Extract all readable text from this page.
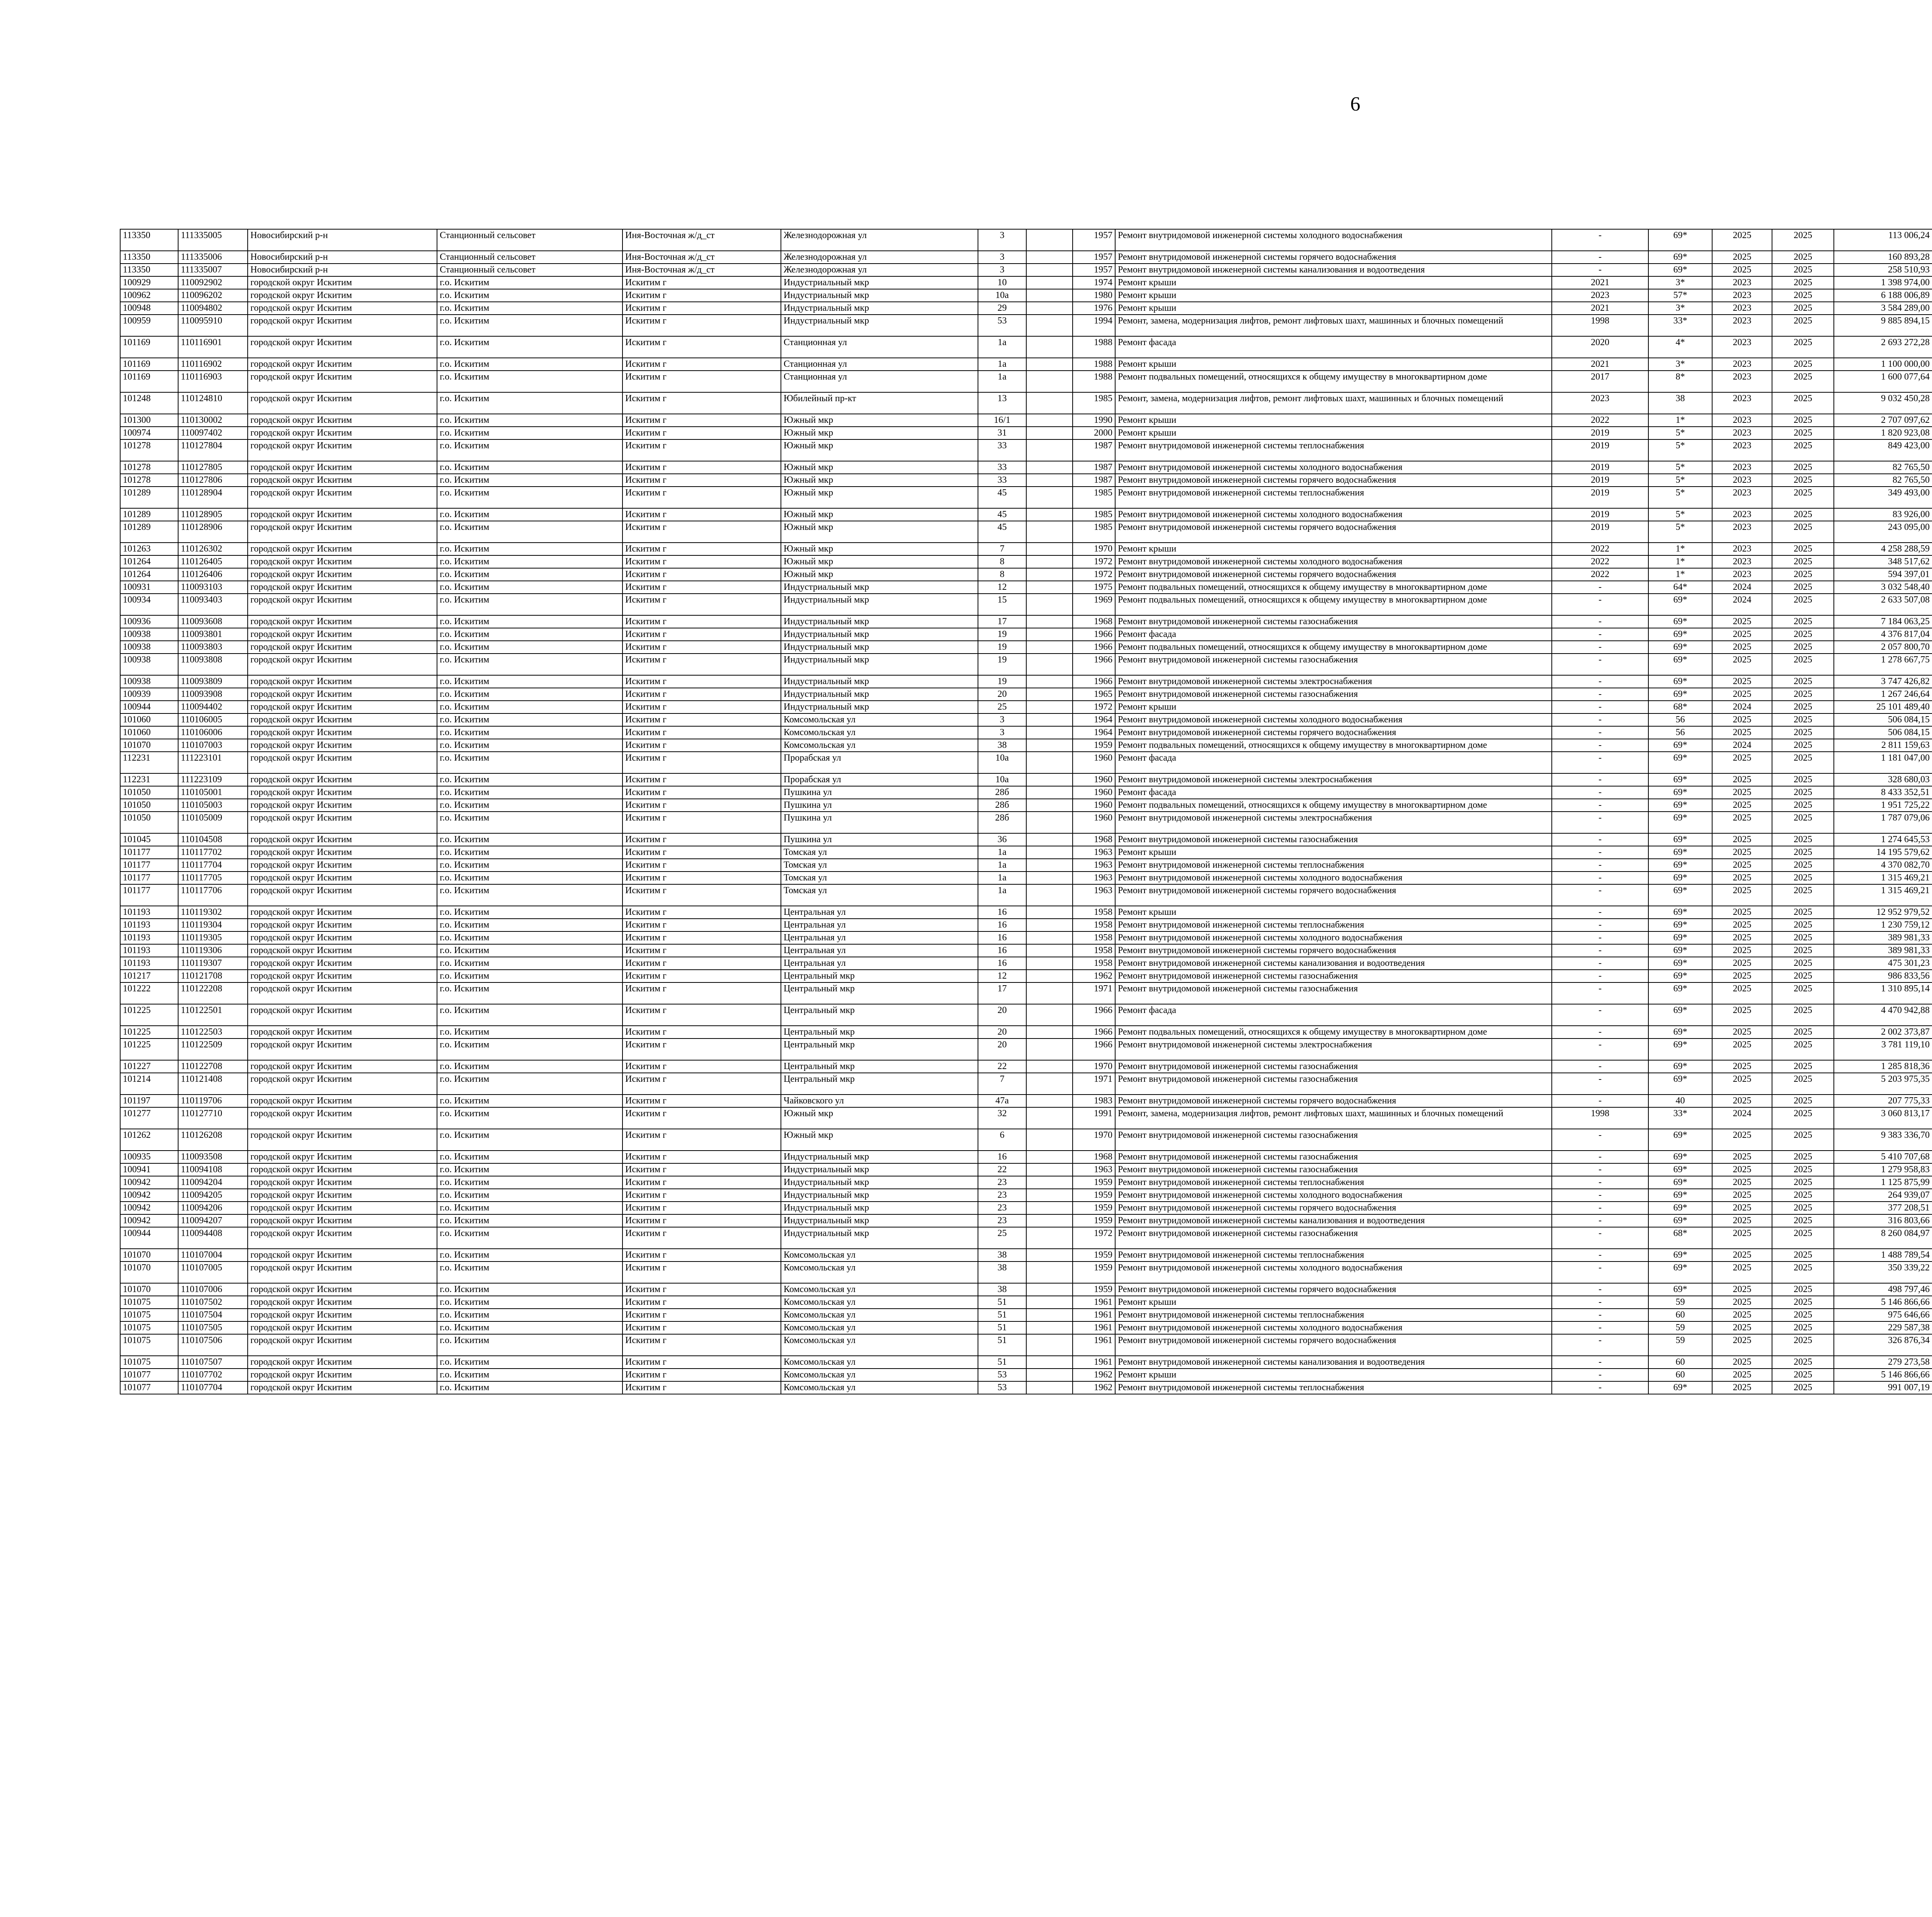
6
113350	111335005	Новосибирский р-н	Станционный сельсовет	Иня-Восточная ж/д_ст	Железнодорожная ул	3		1957	Ремонт внутридомовой инженерной системы холодного водоснабжения	-	69*	2025	2025	113 006,24						
113350	111335006	Новосибирский р-н	Станционный сельсовет	Иня-Восточная ж/д_ст	Железнодорожная ул	3		1957	Ремонт внутридомовой инженерной системы горячего водоснабжения	-	69*	2025	2025	160 893,28						
113350	111335007	Новосибирский р-н	Станционный сельсовет	Иня-Восточная ж/д_ст	Железнодорожная ул	3		1957	Ремонт внутридомовой инженерной системы канализования и водоотведения	-	69*	2025	2025	258 510,93						
100929	110092902	городской округ Искитим	г.о. Искитим	Искитим г	Индустриальный мкр	10		1974	Ремонт крыши	2021	3*	2023	2025	1 398 974,00						
100962	110096202	городской округ Искитим	г.о. Искитим	Искитим г	Индустриальный мкр	10а		1980	Ремонт крыши	2023	57*	2023	2025	6 188 006,89						
100948	110094802	городской округ Искитим	г.о. Искитим	Искитим г	Индустриальный мкр	29		1976	Ремонт крыши	2021	3*	2023	2025	3 584 289,00						
100959	110095910	городской округ Искитим	г.о. Искитим	Искитим г	Индустриальный мкр	53		1994	Ремонт, замена, модернизация лифтов, ремонт лифтовых шахт, машинных и блочных помещений	1998	33*	2023	2025	9 885 894,15						
101169	110116901	городской округ Искитим	г.о. Искитим	Искитим г	Станционная ул	1а		1988	Ремонт фасада	2020	4*	2023	2025	2 693 272,28						
101169	110116902	городской округ Искитим	г.о. Искитим	Искитим г	Станционная ул	1а		1988	Ремонт крыши	2021	3*	2023	2025	1 100 000,00						
101169	110116903	городской округ Искитим	г.о. Искитим	Искитим г	Станционная ул	1а		1988	Ремонт подвальных помещений, относящихся к общему имуществу в многоквартирном доме	2017	8*	2023	2025	1 600 077,64						
101248	110124810	городской округ Искитим	г.о. Искитим	Искитим г	Юбилейный пр-кт	13		1985	Ремонт, замена, модернизация лифтов, ремонт лифтовых шахт, машинных и блочных помещений	2023	38	2023	2025	9 032 450,28						
101300	110130002	городской округ Искитим	г.о. Искитим	Искитим г	Южный мкр	16/1		1990	Ремонт крыши	2022	1*	2023	2025	2 707 097,62						
100974	110097402	городской округ Искитим	г.о. Искитим	Искитим г	Южный мкр	31		2000	Ремонт крыши	2019	5*	2023	2025	1 820 923,08						
101278	110127804	городской округ Искитим	г.о. Искитим	Искитим г	Южный мкр	33		1987	Ремонт внутридомовой инженерной системы теплоснабжения	2019	5*	2023	2025	849 423,00						
101278	110127805	городской округ Искитим	г.о. Искитим	Искитим г	Южный мкр	33		1987	Ремонт внутридомовой инженерной системы холодного водоснабжения	2019	5*	2023	2025	82 765,50						
101278	110127806	городской округ Искитим	г.о. Искитим	Искитим г	Южный мкр	33		1987	Ремонт внутридомовой инженерной системы горячего водоснабжения	2019	5*	2023	2025	82 765,50						
101289	110128904	городской округ Искитим	г.о. Искитим	Искитим г	Южный мкр	45		1985	Ремонт внутридомовой инженерной системы теплоснабжения	2019	5*	2023	2025	349 493,00						
101289	110128905	городской округ Искитим	г.о. Искитим	Искитим г	Южный мкр	45		1985	Ремонт внутридомовой инженерной системы холодного водоснабжения	2019	5*	2023	2025	83 926,00						
101289	110128906	городской округ Искитим	г.о. Искитим	Искитим г	Южный мкр	45		1985	Ремонт внутридомовой инженерной системы горячего водоснабжения	2019	5*	2023	2025	243 095,00						
101263	110126302	городской округ Искитим	г.о. Искитим	Искитим г	Южный мкр	7		1970	Ремонт крыши	2022	1*	2023	2025	4 258 288,59						
101264	110126405	городской округ Искитим	г.о. Искитим	Искитим г	Южный мкр	8		1972	Ремонт внутридомовой инженерной системы холодного водоснабжения	2022	1*	2023	2025	348 517,62						
101264	110126406	городской округ Искитим	г.о. Искитим	Искитим г	Южный мкр	8		1972	Ремонт внутридомовой инженерной системы горячего водоснабжения	2022	1*	2023	2025	594 397,01						
100931	110093103	городской округ Искитим	г.о. Искитим	Искитим г	Индустриальный мкр	12		1975	Ремонт подвальных помещений, относящихся к общему имуществу в многоквартирном доме	-	64*	2024	2025	3 032 548,40						
100934	110093403	городской округ Искитим	г.о. Искитим	Искитим г	Индустриальный мкр	15		1969	Ремонт подвальных помещений, относящихся к общему имуществу в многоквартирном доме	-	69*	2024	2025	2 633 507,08						
100936	110093608	городской округ Искитим	г.о. Искитим	Искитим г	Индустриальный мкр	17		1968	Ремонт внутридомовой инженерной системы газоснабжения	-	69*	2025	2025	7 184 063,25						
100938	110093801	городской округ Искитим	г.о. Искитим	Искитим г	Индустриальный мкр	19		1966	Ремонт фасада	-	69*	2025	2025	4 376 817,04						
100938	110093803	городской округ Искитим	г.о. Искитим	Искитим г	Индустриальный мкр	19		1966	Ремонт подвальных помещений, относящихся к общему имуществу в многоквартирном доме	-	69*	2025	2025	2 057 800,70						
100938	110093808	городской округ Искитим	г.о. Искитим	Искитим г	Индустриальный мкр	19		1966	Ремонт внутридомовой инженерной системы газоснабжения	-	69*	2025	2025	1 278 667,75						
100938	110093809	городской округ Искитим	г.о. Искитим	Искитим г	Индустриальный мкр	19		1966	Ремонт внутридомовой инженерной системы электроснабжения	-	69*	2025	2025	3 747 426,82						
100939	110093908	городской округ Искитим	г.о. Искитим	Искитим г	Индустриальный мкр	20		1965	Ремонт внутридомовой инженерной системы газоснабжения	-	69*	2025	2025	1 267 246,64						
100944	110094402	городской округ Искитим	г.о. Искитим	Искитим г	Индустриальный мкр	25		1972	Ремонт крыши	-	68*	2024	2025	25 101 489,40						
101060	110106005	городской округ Искитим	г.о. Искитим	Искитим г	Комсомольская ул	3		1964	Ремонт внутридомовой инженерной системы холодного водоснабжения	-	56	2025	2025	506 084,15						
101060	110106006	городской округ Искитим	г.о. Искитим	Искитим г	Комсомольская ул	3		1964	Ремонт внутридомовой инженерной системы горячего водоснабжения	-	56	2025	2025	506 084,15						
101070	110107003	городской округ Искитим	г.о. Искитим	Искитим г	Комсомольская ул	38		1959	Ремонт подвальных помещений, относящихся к общему имуществу в многоквартирном доме	-	69*	2024	2025	2 811 159,63						
112231	111223101	городской округ Искитим	г.о. Искитим	Искитим г	Прорабская ул	10а		1960	Ремонт фасада	-	69*	2025	2025	1 181 047,00						
112231	111223109	городской округ Искитим	г.о. Искитим	Искитим г	Прорабская ул	10а		1960	Ремонт внутридомовой инженерной системы электроснабжения	-	69*	2025	2025	328 680,03						
101050	110105001	городской округ Искитим	г.о. Искитим	Искитим г	Пушкина ул	28б		1960	Ремонт фасада	-	69*	2025	2025	8 433 352,51						
101050	110105003	городской округ Искитим	г.о. Искитим	Искитим г	Пушкина ул	28б		1960	Ремонт подвальных помещений, относящихся к общему имуществу в многоквартирном доме	-	69*	2025	2025	1 951 725,22						
101050	110105009	городской округ Искитим	г.о. Искитим	Искитим г	Пушкина ул	28б		1960	Ремонт внутридомовой инженерной системы электроснабжения	-	69*	2025	2025	1 787 079,06						
101045	110104508	городской округ Искитим	г.о. Искитим	Искитим г	Пушкина ул	36		1968	Ремонт внутридомовой инженерной системы газоснабжения	-	69*	2025	2025	1 274 645,53						
101177	110117702	городской округ Искитим	г.о. Искитим	Искитим г	Томская ул	1а		1963	Ремонт крыши	-	69*	2025	2025	14 195 579,62						
101177	110117704	городской округ Искитим	г.о. Искитим	Искитим г	Томская ул	1а		1963	Ремонт внутридомовой инженерной системы теплоснабжения	-	69*	2025	2025	4 370 082,70						
101177	110117705	городской округ Искитим	г.о. Искитим	Искитим г	Томская ул	1а		1963	Ремонт внутридомовой инженерной системы холодного водоснабжения	-	69*	2025	2025	1 315 469,21						
101177	110117706	городской округ Искитим	г.о. Искитим	Искитим г	Томская ул	1а		1963	Ремонт внутридомовой инженерной системы горячего водоснабжения	-	69*	2025	2025	1 315 469,21						
101193	110119302	городской округ Искитим	г.о. Искитим	Искитим г	Центральная ул	16		1958	Ремонт крыши	-	69*	2025	2025	12 952 979,52						
101193	110119304	городской округ Искитим	г.о. Искитим	Искитим г	Центральная ул	16		1958	Ремонт внутридомовой инженерной системы теплоснабжения	-	69*	2025	2025	1 230 759,12						
101193	110119305	городской округ Искитим	г.о. Искитим	Искитим г	Центральная ул	16		1958	Ремонт внутридомовой инженерной системы холодного водоснабжения	-	69*	2025	2025	389 981,33						
101193	110119306	городской округ Искитим	г.о. Искитим	Искитим г	Центральная ул	16		1958	Ремонт внутридомовой инженерной системы горячего водоснабжения	-	69*	2025	2025	389 981,33						
101193	110119307	городской округ Искитим	г.о. Искитим	Искитим г	Центральная ул	16		1958	Ремонт внутридомовой инженерной системы канализования и водоотведения	-	69*	2025	2025	475 301,23						
101217	110121708	городской округ Искитим	г.о. Искитим	Искитим г	Центральный мкр	12		1962	Ремонт внутридомовой инженерной системы газоснабжения	-	69*	2025	2025	986 833,56						
101222	110122208	городской округ Искитим	г.о. Искитим	Искитим г	Центральный мкр	17		1971	Ремонт внутридомовой инженерной системы газоснабжения	-	69*	2025	2025	1 310 895,14						
101225	110122501	городской округ Искитим	г.о. Искитим	Искитим г	Центральный мкр	20		1966	Ремонт фасада	-	69*	2025	2025	4 470 942,88						
101225	110122503	городской округ Искитим	г.о. Искитим	Искитим г	Центральный мкр	20		1966	Ремонт подвальных помещений, относящихся к общему имуществу в многоквартирном доме	-	69*	2025	2025	2 002 373,87						
101225	110122509	городской округ Искитим	г.о. Искитим	Искитим г	Центральный мкр	20		1966	Ремонт внутридомовой инженерной системы электроснабжения	-	69*	2025	2025	3 781 119,10						
101227	110122708	городской округ Искитим	г.о. Искитим	Искитим г	Центральный мкр	22		1970	Ремонт внутридомовой инженерной системы газоснабжения	-	69*	2025	2025	1 285 818,36						
101214	110121408	городской округ Искитим	г.о. Искитим	Искитим г	Центральный мкр	7		1971	Ремонт внутридомовой инженерной системы газоснабжения	-	69*	2025	2025	5 203 975,35						
101197	110119706	городской округ Искитим	г.о. Искитим	Искитим г	Чайковского ул	47а		1983	Ремонт внутридомовой инженерной системы горячего водоснабжения	-	40	2025	2025	207 775,33						
101277	110127710	городской округ Искитим	г.о. Искитим	Искитим г	Южный мкр	32		1991	Ремонт, замена, модернизация лифтов, ремонт лифтовых шахт, машинных и блочных помещений	1998	33*	2024	2025	3 060 813,17						
101262	110126208	городской округ Искитим	г.о. Искитим	Искитим г	Южный мкр	6		1970	Ремонт внутридомовой инженерной системы газоснабжения	-	69*	2025	2025	9 383 336,70						
100935	110093508	городской округ Искитим	г.о. Искитим	Искитим г	Индустриальный мкр	16		1968	Ремонт внутридомовой инженерной системы газоснабжения	-	69*	2025	2025	5 410 707,68						
100941	110094108	городской округ Искитим	г.о. Искитим	Искитим г	Индустриальный мкр	22		1963	Ремонт внутридомовой инженерной системы газоснабжения	-	69*	2025	2025	1 279 958,83						
100942	110094204	городской округ Искитим	г.о. Искитим	Искитим г	Индустриальный мкр	23		1959	Ремонт внутридомовой инженерной системы теплоснабжения	-	69*	2025	2025	1 125 875,99						
100942	110094205	городской округ Искитим	г.о. Искитим	Искитим г	Индустриальный мкр	23		1959	Ремонт внутридомовой инженерной системы холодного водоснабжения	-	69*	2025	2025	264 939,07						
100942	110094206	городской округ Искитим	г.о. Искитим	Искитим г	Индустриальный мкр	23		1959	Ремонт внутридомовой инженерной системы горячего водоснабжения	-	69*	2025	2025	377 208,51						
100942	110094207	городской округ Искитим	г.о. Искитим	Искитим г	Индустриальный мкр	23		1959	Ремонт внутридомовой инженерной системы канализования и водоотведения	-	69*	2025	2025	316 803,66						
100944	110094408	городской округ Искитим	г.о. Искитим	Искитим г	Индустриальный мкр	25		1972	Ремонт внутридомовой инженерной системы газоснабжения	-	68*	2025	2025	8 260 084,97						
101070	110107004	городской округ Искитим	г.о. Искитим	Искитим г	Комсомольская ул	38		1959	Ремонт внутридомовой инженерной системы теплоснабжения	-	69*	2025	2025	1 488 789,54						
101070	110107005	городской округ Искитим	г.о. Искитим	Искитим г	Комсомольская ул	38		1959	Ремонт внутридомовой инженерной системы холодного водоснабжения	-	69*	2025	2025	350 339,22						
101070	110107006	городской округ Искитим	г.о. Искитим	Искитим г	Комсомольская ул	38		1959	Ремонт внутридомовой инженерной системы горячего водоснабжения	-	69*	2025	2025	498 797,46						
101075	110107502	городской округ Искитим	г.о. Искитим	Искитим г	Комсомольская ул	51		1961	Ремонт крыши	-	59	2025	2025	5 146 866,66						
101075	110107504	городской округ Искитим	г.о. Искитим	Искитим г	Комсомольская ул	51		1961	Ремонт внутридомовой инженерной системы теплоснабжения	-	60	2025	2025	975 646,66						
101075	110107505	городской округ Искитим	г.о. Искитим	Искитим г	Комсомольская ул	51		1961	Ремонт внутридомовой инженерной системы холодного водоснабжения	-	59	2025	2025	229 587,38						
101075	110107506	городской округ Искитим	г.о. Искитим	Искитим г	Комсомольская ул	51		1961	Ремонт внутридомовой инженерной системы горячего водоснабжения	-	59	2025	2025	326 876,34						
101075	110107507	городской округ Искитим	г.о. Искитим	Искитим г	Комсомольская ул	51		1961	Ремонт внутридомовой инженерной системы канализования и водоотведения	-	60	2025	2025	279 273,58						
101077	110107702	городской округ Искитим	г.о. Искитим	Искитим г	Комсомольская ул	53		1962	Ремонт крыши	-	60	2025	2025	5 146 866,66						
101077	110107704	городской округ Искитим	г.о. Искитим	Искитим г	Комсомольская ул	53		1962	Ремонт внутридомовой инженерной системы теплоснабжения	-	69*	2025	2025	991 007,19						
